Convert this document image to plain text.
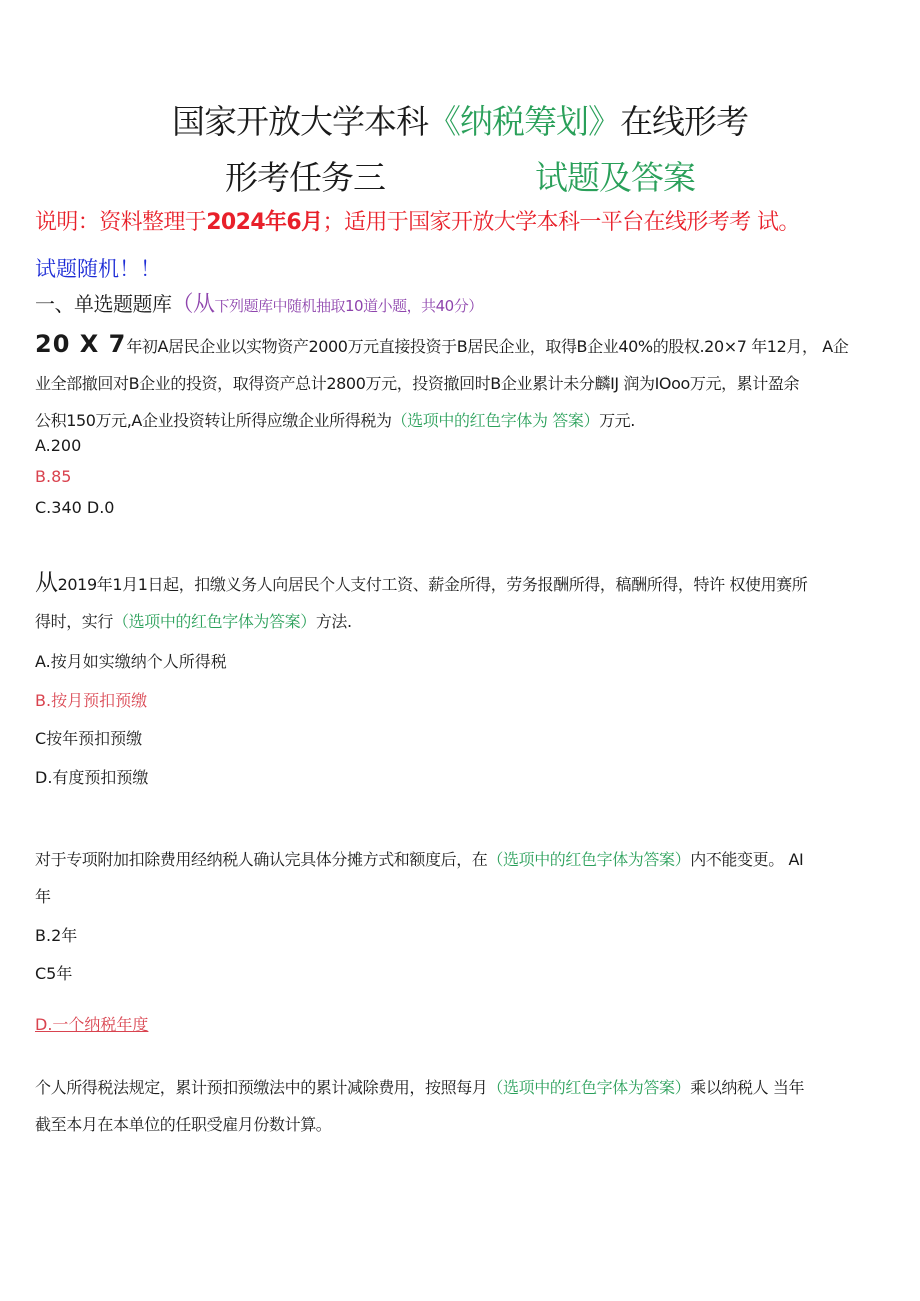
国家开放大学本科《纳税筹划》在线形考
形考任务三	试题及答案
说明：资料整理于2024年6月；适用于国家开放大学本科一平台在线形考考 试。
试题随机！！
一、单选题题库（从下列题库中随机抽取10道小题，共40分）
20 X 7年初A居民企业以实物资产2000万元直接投资于B居民企业，取得B企业40%的股权.20×7 年12月， A企
业全部撤回对B企业的投资，取得资产总计2800万元，投资撤回时B企业累计未分麟IJ 润为IOoo万元，累计盈余
公积150万元,A企业投资转让所得应缴企业所得税为（选项中的红色字体为 答案）万元.
A.200
B.85
C.340 D.0
从2019年1月1日起，扣缴义务人向居民个人支付工资、薪金所得，劳务报酬所得，稿酬所得，特许 权使用赛所
得时，实行（选项中的红色字体为答案）方法.
A.按月如实缴纳个人所得税
B.按月预扣预缴
C按年预扣预缴
D.有度预扣预缴
对于专项附加扣除费用经纳税人确认完具体分摊方式和额度后，在（选项中的红色字体为答案）内不能变更。 AI
年
B.2年
C5年
D.一个纳税年度
个人所得税法规定，累计预扣预缴法中的累计减除费用，按照每月（选项中的红色字体为答案）乘以纳税人 当年
截至本月在本单位的任职受雇月份数计算。
